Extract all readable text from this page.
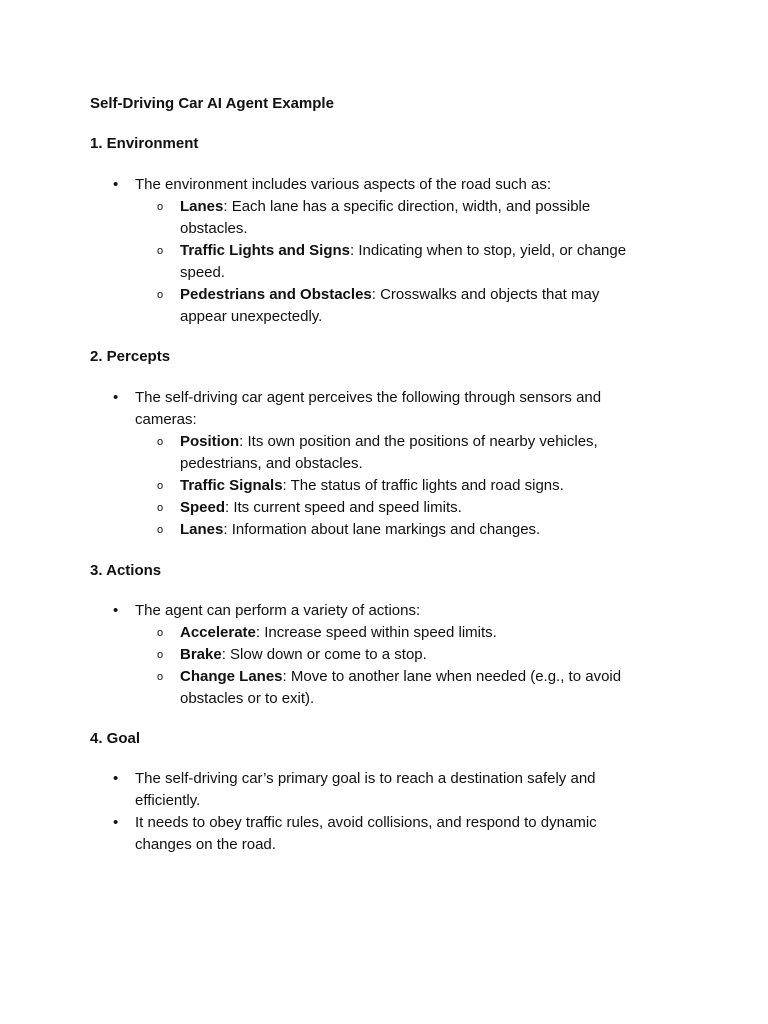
Self-Driving Car AI Agent Example
1. Environment
• The environment includes various aspects of the road such as:
o Lanes: Each lane has a specific direction, width, and possible obstacles.
o Traffic Lights and Signs: Indicating when to stop, yield, or change speed.
o Pedestrians and Obstacles: Crosswalks and objects that may appear unexpectedly.
2. Percepts
• The self-driving car agent perceives the following through sensors and cameras:
o Position: Its own position and the positions of nearby vehicles, pedestrians, and obstacles.
o Traffic Signals: The status of traffic lights and road signs.
o Speed: Its current speed and speed limits.
o Lanes: Information about lane markings and changes.
3. Actions
• The agent can perform a variety of actions:
o Accelerate: Increase speed within speed limits.
o Brake: Slow down or come to a stop.
o Change Lanes: Move to another lane when needed (e.g., to avoid obstacles or to exit).
4. Goal
• The self-driving car’s primary goal is to reach a destination safely and efficiently.
• It needs to obey traffic rules, avoid collisions, and respond to dynamic changes on the road.
